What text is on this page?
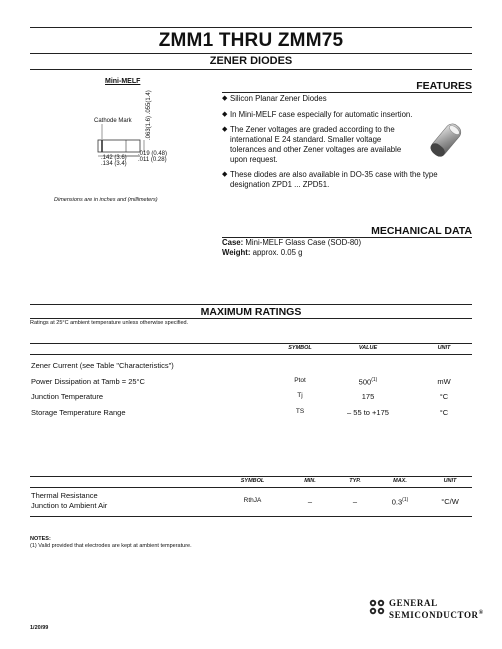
ZMM1 THRU ZMM75
ZENER DIODES
Mini-MELF
Cathode Mark .063(1.6) .055(1.4)
.142 (3.6)
.134 (3.4)
.019 (0.48)
.011 (0.28)
Dimensions are in inches and (millimeters)
FEATURES
◆ Silicon Planar Zener Diodes
◆ In Mini-MELF case especially for automatic insertion.
◆ The Zener voltages are graded according to the
international E 24 standard. Smaller voltage
tolerances and other Zener voltages are available
upon request.
◆ These diodes are also available in DO-35 case with the type
designation ZPD1 ... ZPD51.
MECHANICAL DATA
Case: Mini-MELF Glass Case (SOD-80)
Weight: approx. 0.05 g
MAXIMUM RATINGS
Ratings at 25°C ambient temperature unless otherwise specified.
SYMBOL	VALUE	UNIT
Zener Current (see Table "Characteristics")
Power Dissipation at Tamb = 25°C	Ptot	500$^{(1)}$	mW
Junction Temperature	Tj	175	°C
Storage Temperature Range	TS	– 55 to +175	°C
SYMBOL	MIN.	TYP.	MAX.	UNIT
Thermal Resistance
Junction to Ambient Air
RthJA	–	–	0.3$^{(1)}$	°C/W
NOTES:
(1) Valid provided that electrodes are kept at ambient temperature.
1/20/99
GENERAL
SEMICONDUCTOR®
